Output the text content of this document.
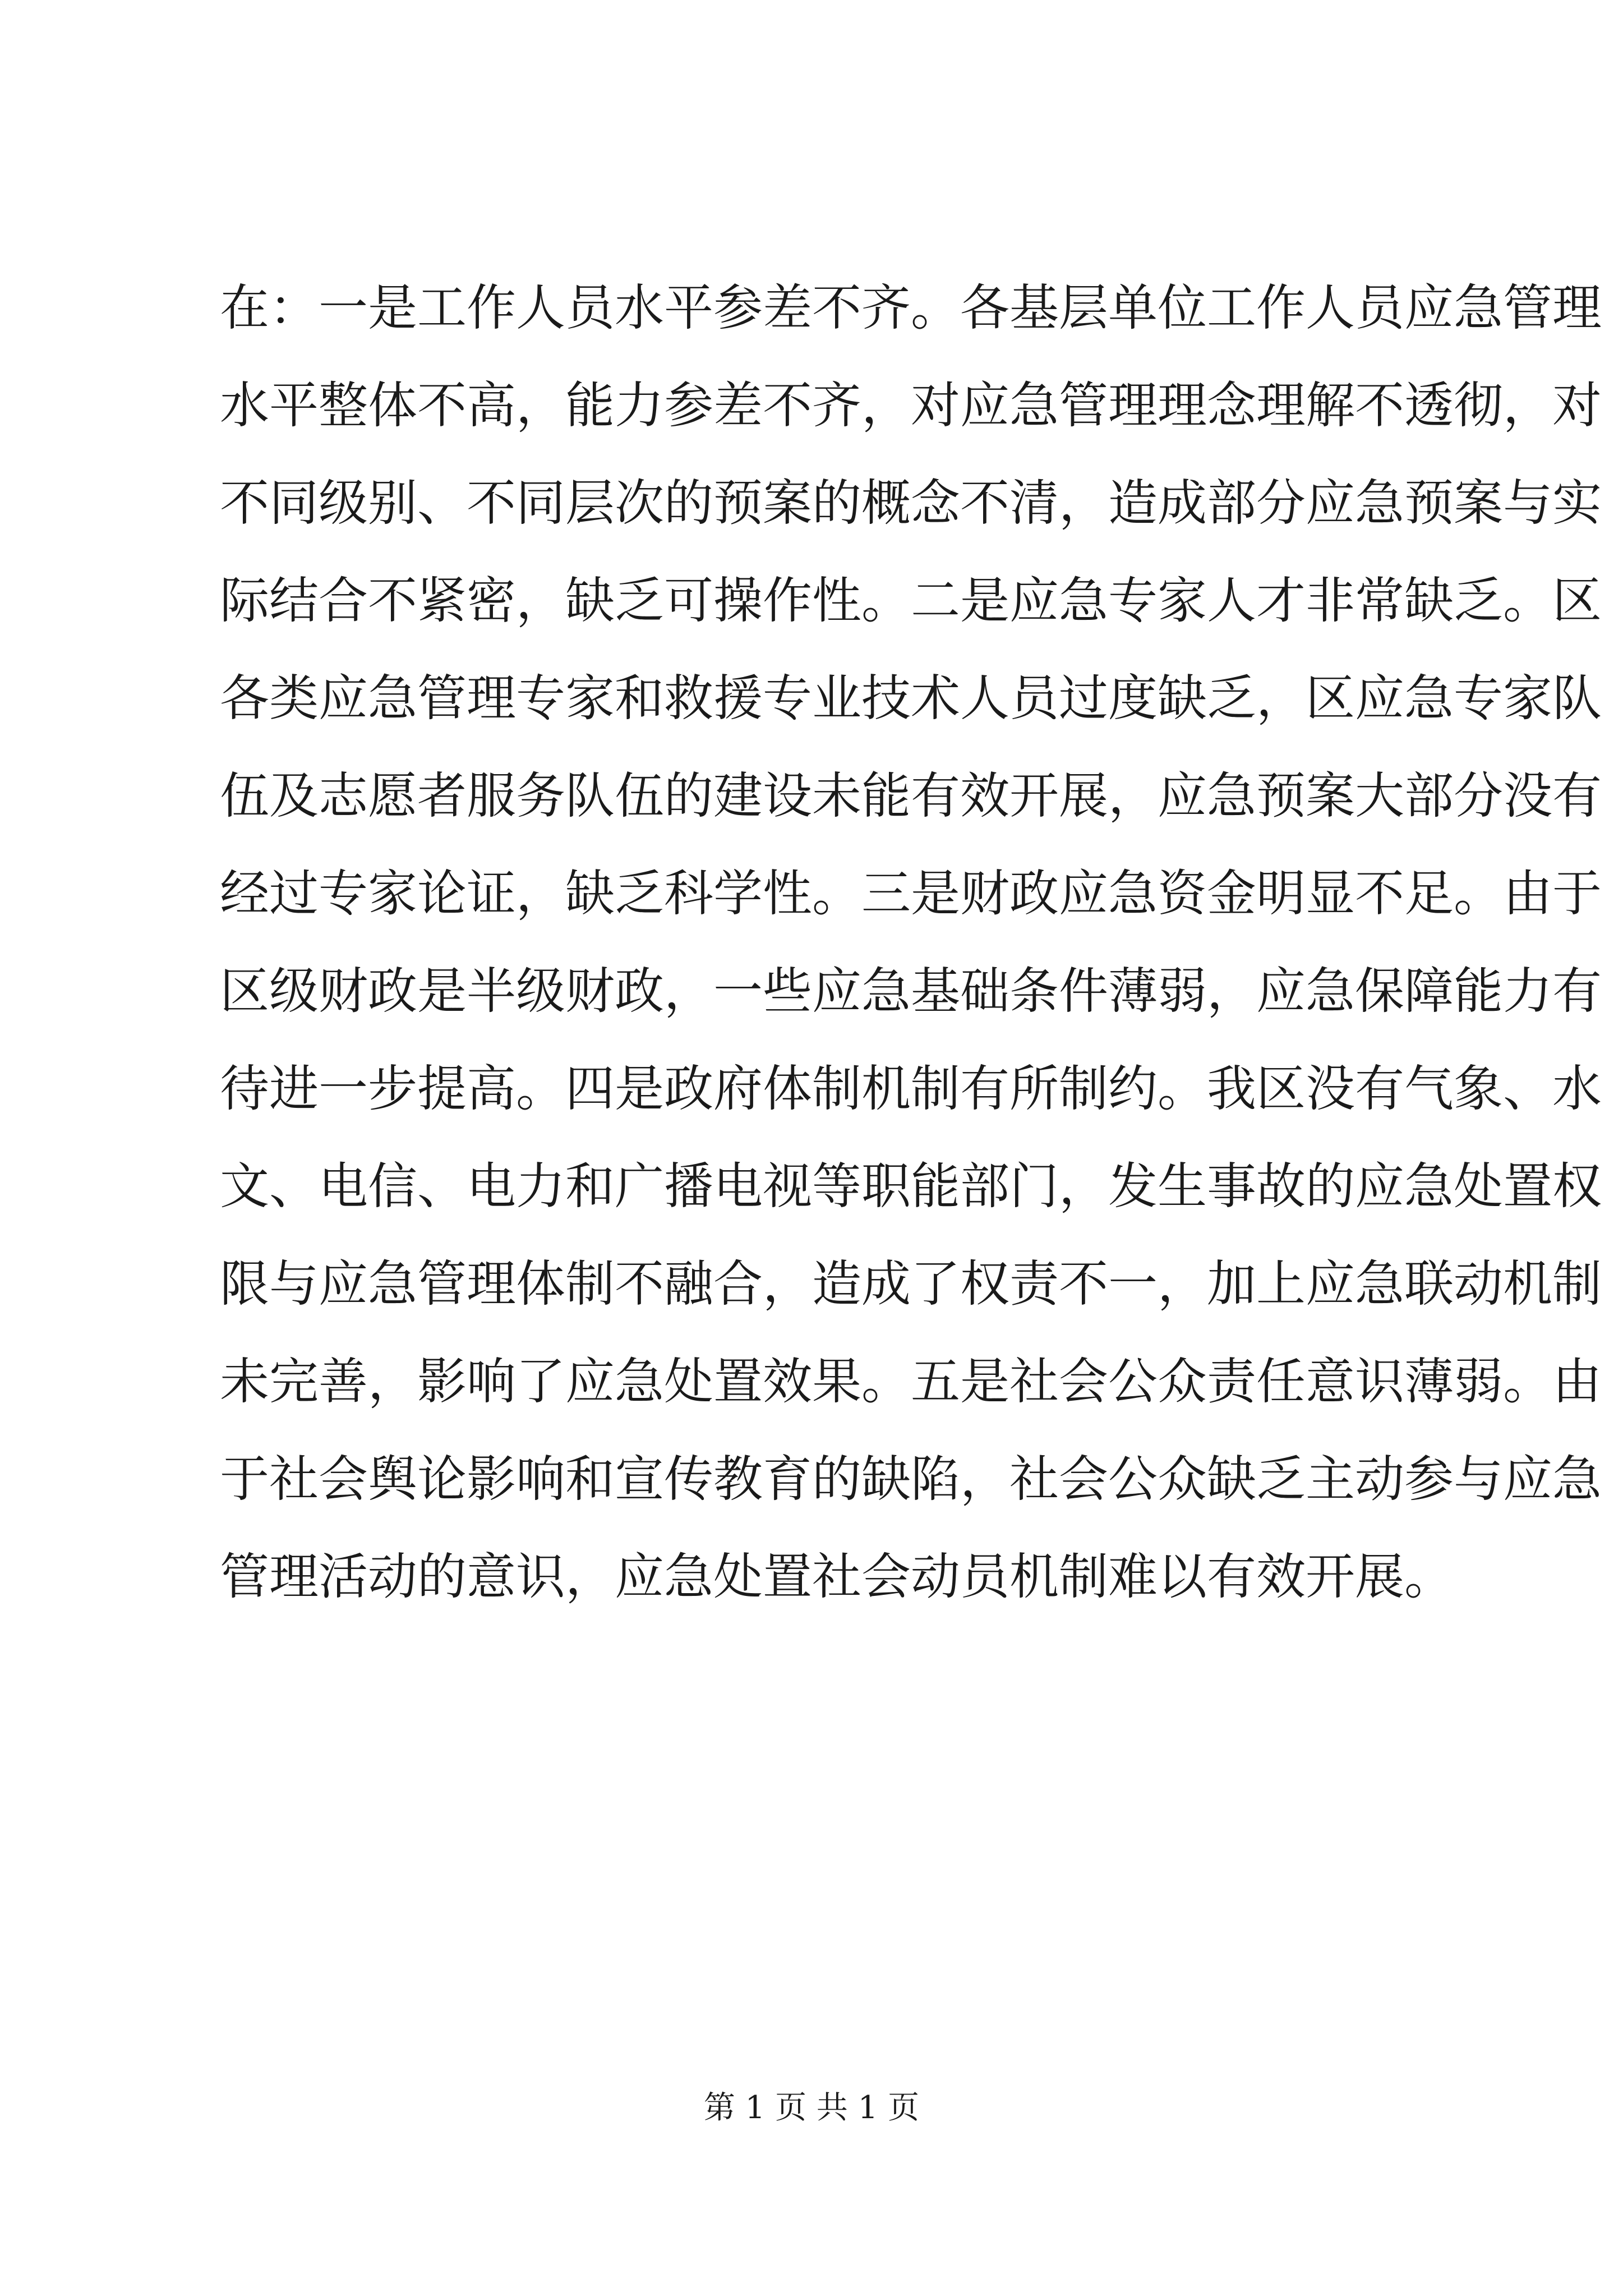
在：一是工作人员水平参差不齐。各基层单位工作人员应急管理
水平整体不高，能力参差不齐，对应急管理理念理解不透彻，对
不同级别、不同层次的预案的概念不清，造成部分应急预案与实
际结合不紧密，缺乏可操作性。二是应急专家人才非常缺乏。区
各类应急管理专家和救援专业技术人员过度缺乏，区应急专家队
伍及志愿者服务队伍的建设未能有效开展，应急预案大部分没有
经过专家论证，缺乏科学性。三是财政应急资金明显不足。由于
区级财政是半级财政，一些应急基础条件薄弱，应急保障能力有
待进一步提高。四是政府体制机制有所制约。我区没有气象、水
文、电信、电力和广播电视等职能部门，发生事故的应急处置权
限与应急管理体制不融合，造成了权责不一，加上应急联动机制
未完善，影响了应急处置效果。五是社会公众责任意识薄弱。由
于社会舆论影响和宣传教育的缺陷，社会公众缺乏主动参与应急
管理活动的意识，应急处置社会动员机制难以有效开展。
第 1 页 共 1 页
